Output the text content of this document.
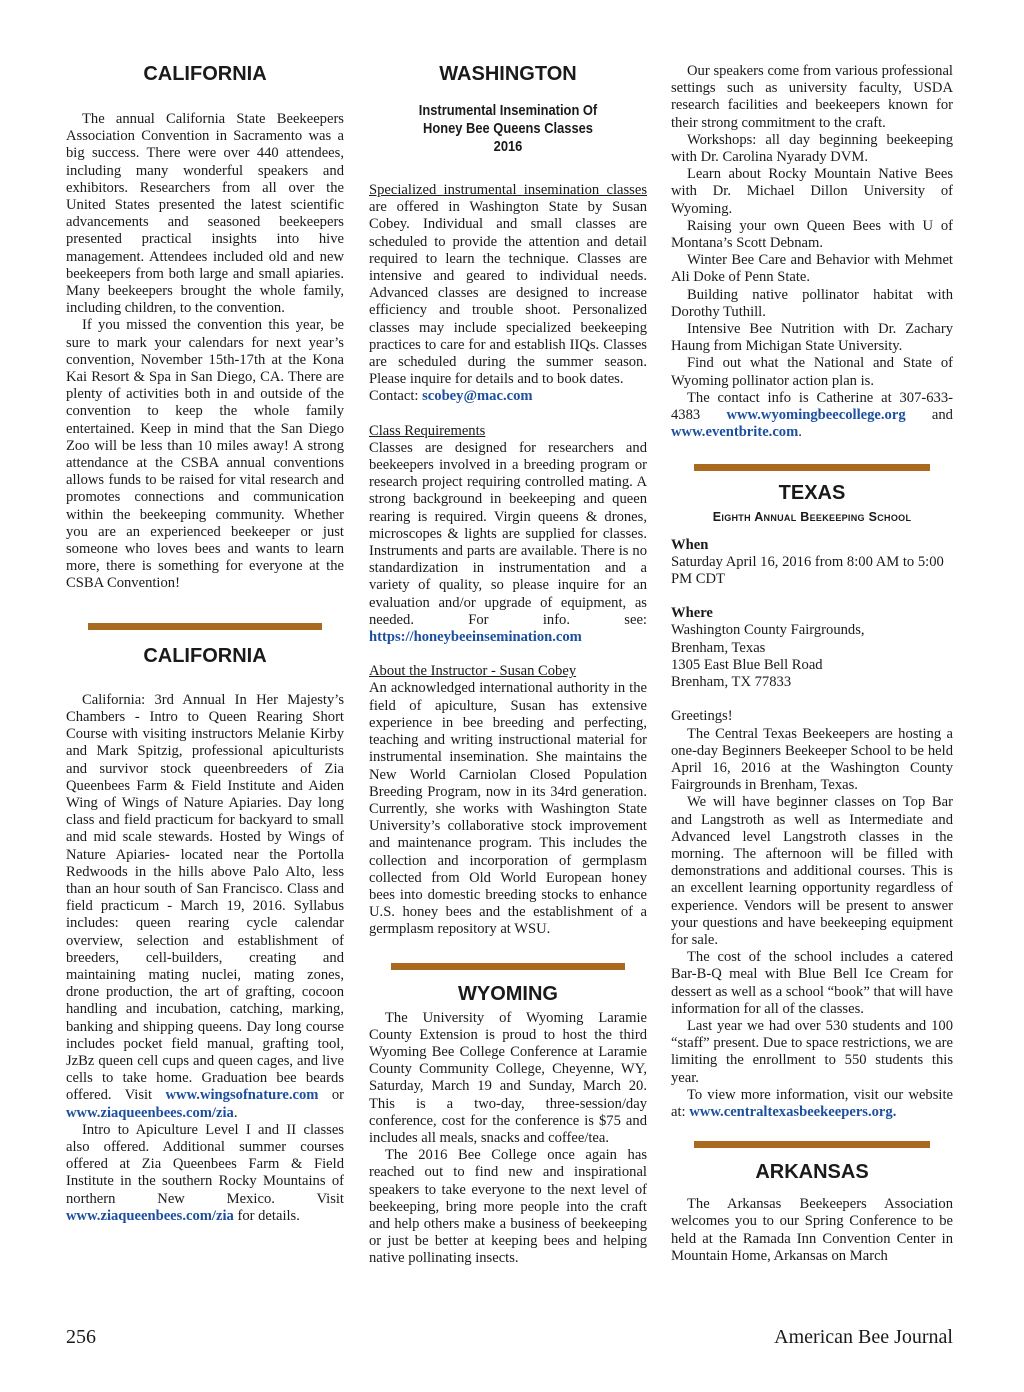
CALIFORNIA

The annual California State Beekeepers Association Convention in Sacramento was a big success. There were over 440 attendees, including many wonderful speakers and exhibitors. Researchers from all over the United States presented the latest scientific advancements and seasoned beekeepers presented practical insights into hive management. Attendees included old and new beekeepers from both large and small apiaries. Many beekeepers brought the whole family, including children, to the convention.

If you missed the convention this year, be sure to mark your calendars for next year’s convention, November 15th-17th at the Kona Kai Resort & Spa in San Diego, CA. There are plenty of activities both in and outside of the convention to keep the whole family entertained. Keep in mind that the San Diego Zoo will be less than 10 miles away! A strong attendance at the CSBA annual conventions allows funds to be raised for vital research and promotes connections and communication within the beekeeping community. Whether you are an experienced beekeeper or just someone who loves bees and wants to learn more, there is something for everyone at the CSBA Convention!

CALIFORNIA

California: 3rd Annual In Her Majesty’s Chambers - Intro to Queen Rearing Short Course with visiting instructors Melanie Kirby and Mark Spitzig, professional apiculturists and survivor stock queenbreeders of Zia Queenbees Farm & Field Institute and Aiden Wing of Wings of Nature Apiaries. Day long class and field practicum for backyard to small and mid scale stewards. Hosted by Wings of Nature Apiaries- located near the Portolla Redwoods in the hills above Palo Alto, less than an hour south of San Francisco. Class and field practicum - March 19, 2016. Syllabus includes: queen rearing cycle calendar overview, selection and establishment of breeders, cell-builders, creating and maintaining mating nuclei, mating zones, drone production, the art of grafting, cocoon handling and incubation, catching, marking, banking and shipping queens. Day long course includes pocket field manual, grafting tool, JzBz queen cell cups and queen cages, and live cells to take home. Graduation bee beards offered. Visit www.wingsofnature.com or www.ziaqueenbees.com/zia.

Intro to Apiculture Level I and II classes also offered. Additional summer courses offered at Zia Queenbees Farm & Field Institute in the southern Rocky Mountains of northern New Mexico. Visit www.ziaqueenbees.com/zia for details.

WASHINGTON
Instrumental Insemination Of Honey Bee Queens Classes 2016

Specialized instrumental insemination classes are offered in Washington State by Susan Cobey. Individual and small classes are scheduled to provide the attention and detail required to learn the technique. Classes are intensive and geared to individual needs. Advanced classes are designed to increase efficiency and trouble shoot. Personalized classes may include specialized beekeeping practices to care for and establish IIQs. Classes are scheduled during the summer season. Please inquire for details and to book dates.

Contact: scobey@mac.com

Class Requirements

Classes are designed for researchers and beekeepers involved in a breeding program or research project requiring controlled mating. A strong background in beekeeping and queen rearing is required. Virgin queens & drones, microscopes & lights are supplied for classes. Instruments and parts are available. There is no standardization in instrumentation and a variety of quality, so please inquire for an evaluation and/or upgrade of equipment, as needed. For info. see: https://honeybeeinsemination.com

About the Instructor - Susan Cobey

An acknowledged international authority in the field of apiculture, Susan has extensive experience in bee breeding and perfecting, teaching and writing instructional material for instrumental insemination. She maintains the New World Carniolan Closed Population Breeding Program, now in its 34rd generation. Currently, she works with Washington State University’s collaborative stock improvement and maintenance program. This includes the collection and incorporation of germplasm collected from Old World European honey bees into domestic breeding stocks to enhance U.S. honey bees and the establishment of a germplasm repository at WSU.

WYOMING

The University of Wyoming Laramie County Extension is proud to host the third Wyoming Bee College Conference at Laramie County Community College, Cheyenne, WY, Saturday, March 19 and Sunday, March 20. This is a two-day, three-session/day conference, cost for the conference is $75 and includes all meals, snacks and coffee/tea.

The 2016 Bee College once again has reached out to find new and inspirational speakers to take everyone to the next level of beekeeping, bring more people into the craft and help others make a business of beekeeping or just be better at keeping bees and helping native pollinating insects.

Our speakers come from various professional settings such as university faculty, USDA research facilities and beekeepers known for their strong commitment to the craft.

Workshops: all day beginning beekeeping with Dr. Carolina Nyarady DVM.

Learn about Rocky Mountain Native Bees with Dr. Michael Dillon University of Wyoming.

Raising your own Queen Bees with U of Montana’s Scott Debnam.

Winter Bee Care and Behavior with Mehmet Ali Doke of Penn State.

Building native pollinator habitat with Dorothy Tuthill.

Intensive Bee Nutrition with Dr. Zachary Haung from Michigan State University.

Find out what the National and State of Wyoming pollinator action plan is.

The contact info is Catherine at 307-633-4383 www.wyomingbeecollege.org and www.eventbrite.com.

TEXAS
Eighth Annual Beekeeping School

When

Saturday April 16, 2016 from 8:00 AM to 5:00 PM CDT

Where

Washington County Fairgrounds,

Brenham, Texas

1305 East Blue Bell Road

Brenham, TX 77833

Greetings!

The Central Texas Beekeepers are hosting a one-day Beginners Beekeeper School to be held April 16, 2016 at the Washington County Fairgrounds in Brenham, Texas.

We will have beginner classes on Top Bar and Langstroth as well as Intermediate and Advanced level Langstroth classes in the morning. The afternoon will be filled with demonstrations and additional courses. This is an excellent learning opportunity regardless of experience. Vendors will be present to answer your questions and have beekeeping equipment for sale.

The cost of the school includes a catered Bar-B-Q meal with Blue Bell Ice Cream for dessert as well as a school “book” that will have information for all of the classes.

Last year we had over 530 students and 100 “staff” present. Due to space restrictions, we are limiting the enrollment to 550 students this year.

To view more information, visit our website at: www.centraltexasbeekeepers.org.

ARKANSAS

The Arkansas Beekeepers Association welcomes you to our Spring Conference to be held at the Ramada Inn Convention Center in Mountain Home, Arkansas on March

256	American Bee Journal
